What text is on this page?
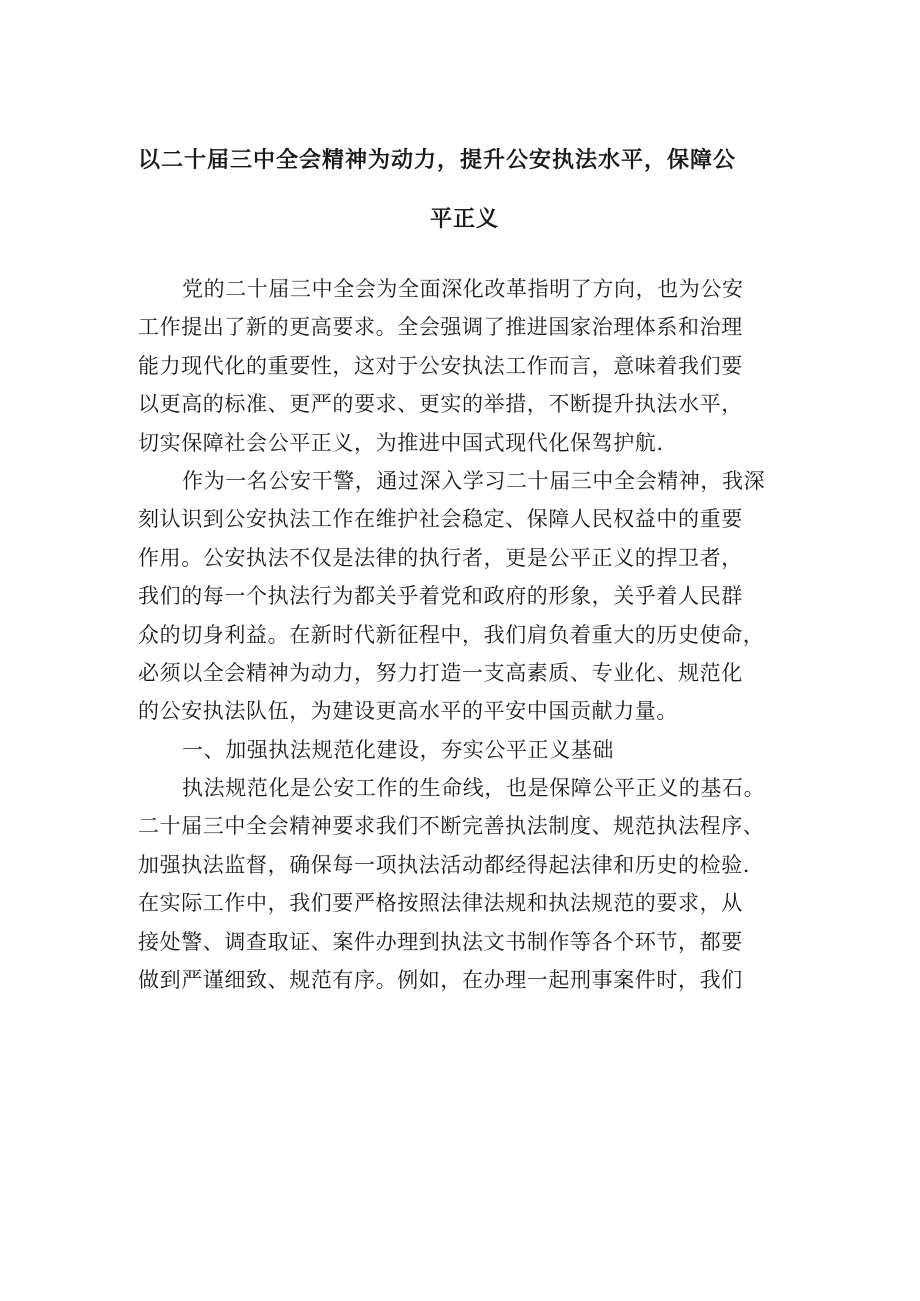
以二十届三中全会精神为动力，提升公安执法水平，保障公
平正义

党的二十届三中全会为全面深化改革指明了方向，也为公安
工作提出了新的更高要求。全会强调了推进国家治理体系和治理
能力现代化的重要性，这对于公安执法工作而言，意味着我们要
以更高的标准、更严的要求、更实的举措，不断提升执法水平，
切实保障社会公平正义，为推进中国式现代化保驾护航.

作为一名公安干警，通过深入学习二十届三中全会精神，我深
刻认识到公安执法工作在维护社会稳定、保障人民权益中的重要
作用。公安执法不仅是法律的执行者，更是公平正义的捍卫者，
我们的每一个执法行为都关乎着党和政府的形象，关乎着人民群
众的切身利益。在新时代新征程中，我们肩负着重大的历史使命，
必须以全会精神为动力，努力打造一支高素质、专业化、规范化
的公安执法队伍，为建设更高水平的平安中国贡献力量。

一、加强执法规范化建设，夯实公平正义基础

执法规范化是公安工作的生命线，也是保障公平正义的基石。
二十届三中全会精神要求我们不断完善执法制度、规范执法程序、
加强执法监督，确保每一项执法活动都经得起法律和历史的检验.
在实际工作中，我们要严格按照法律法规和执法规范的要求，从
接处警、调查取证、案件办理到执法文书制作等各个环节，都要
做到严谨细致、规范有序。例如，在办理一起刑事案件时，我们
